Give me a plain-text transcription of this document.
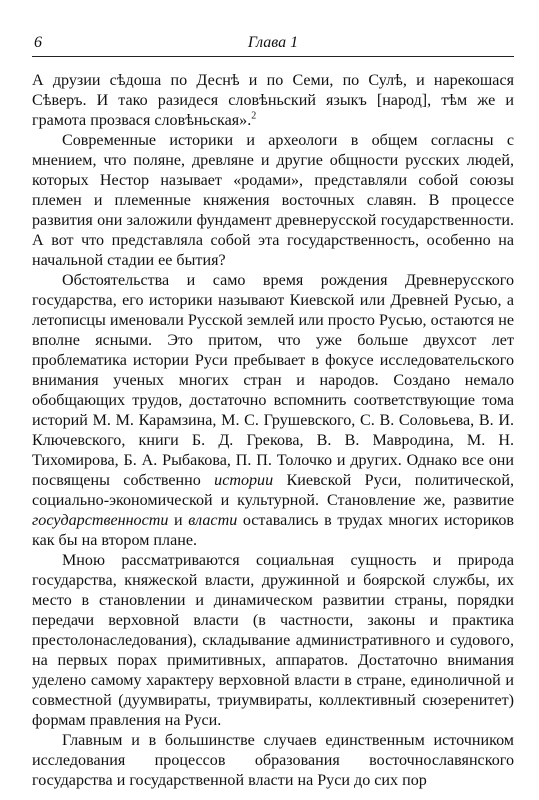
6	Глава 1

А друзии сѣдоша по Деснѣ и по Семи, по Сулѣ, и нарекошася Сѣверъ. И тако разидеся словѣньский языкъ [народ], тѣм же и грамота прозвася словѣньская».$^2$

Современные историки и археологи в общем согласны с мнением, что поляне, древляне и другие общности русских людей, которых Нестор называет «родами», представляли собой союзы племен и племенные княжения восточных славян. В процессе развития они заложили фундамент древнерусской государственности. А вот что представляла собой эта государственность, особенно на начальной стадии ее бытия?

Обстоятельства и само время рождения Древнерусского государства, его историки называют Киевской или Древней Русью, а летописцы именовали Русской землей или просто Русью, остаются не вполне ясными. Это притом, что уже больше двухсот лет проблематика истории Руси пребывает в фокусе исследовательского внимания ученых многих стран и народов. Создано немало обобщающих трудов, достаточно вспомнить соответствующие тома историй М. М. Карамзина, М. С. Грушевского, С. В. Соловьева, В. И. Ключевского, книги Б. Д. Грекова, В. В. Мавродина, М. Н. Тихомирова, Б. А. Рыбакова, П. П. Толочко и других. Однако все они посвящены собственно истории Киевской Руси, политической, социально-экономической и культурной. Становление же, развитие государственности и власти оставались в трудах многих историков как бы на втором плане.

Мною рассматриваются социальная сущность и природа государства, княжеской власти, дружинной и боярской службы, их место в становлении и динамическом развитии страны, порядки передачи верховной власти (в частности, законы и практика престолонаследования), складывание административного и судового, на первых порах примитивных, аппаратов. Достаточно внимания уделено самому характеру верховной власти в стране, единоличной и совместной (дуумвираты, триумвираты, коллективный сюзеренитет) формам правления на Руси.

Главным и в большинстве случаев единственным источником исследования процессов образования восточнославянского государства и государственной власти на Руси до сих пор
